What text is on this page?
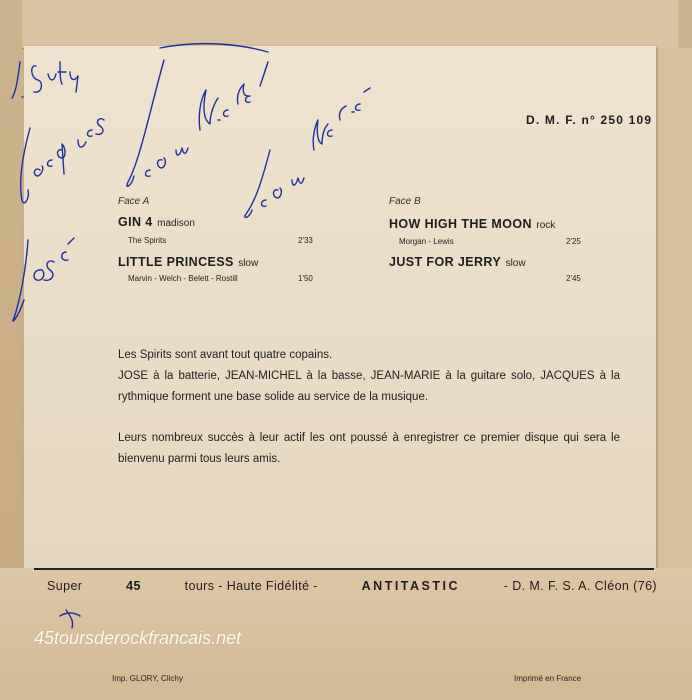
D. M. F. n° 250 109
Face A
GIN 4 madison
The Spirits	2'33
LITTLE PRINCESS slow
Marvin - Welch - Belett - Rostill	1'50
Face B
HOW HIGH THE MOON rock
Morgan - Lewis	2'25
JUST FOR JERRY slow
2'45
Les Spirits sont avant tout quatre copains.
JOSE à la batterie, JEAN-MICHEL à la basse, JEAN-MARIE à la guitare solo, JACQUES à la rythmique forment une base solide au service de la musique.
Leurs nombreux succès à leur actif les ont poussé à enregistrer ce premier disque qui sera le bienvenu parmi tous leurs amis.
Super	45	tours - Haute Fidélité -	ANTITASTIC	- D. M. F. S. A. Cléon (76)
45toursderockfrancais.net
Imp. GLORY, Clichy	Imprimé en France
